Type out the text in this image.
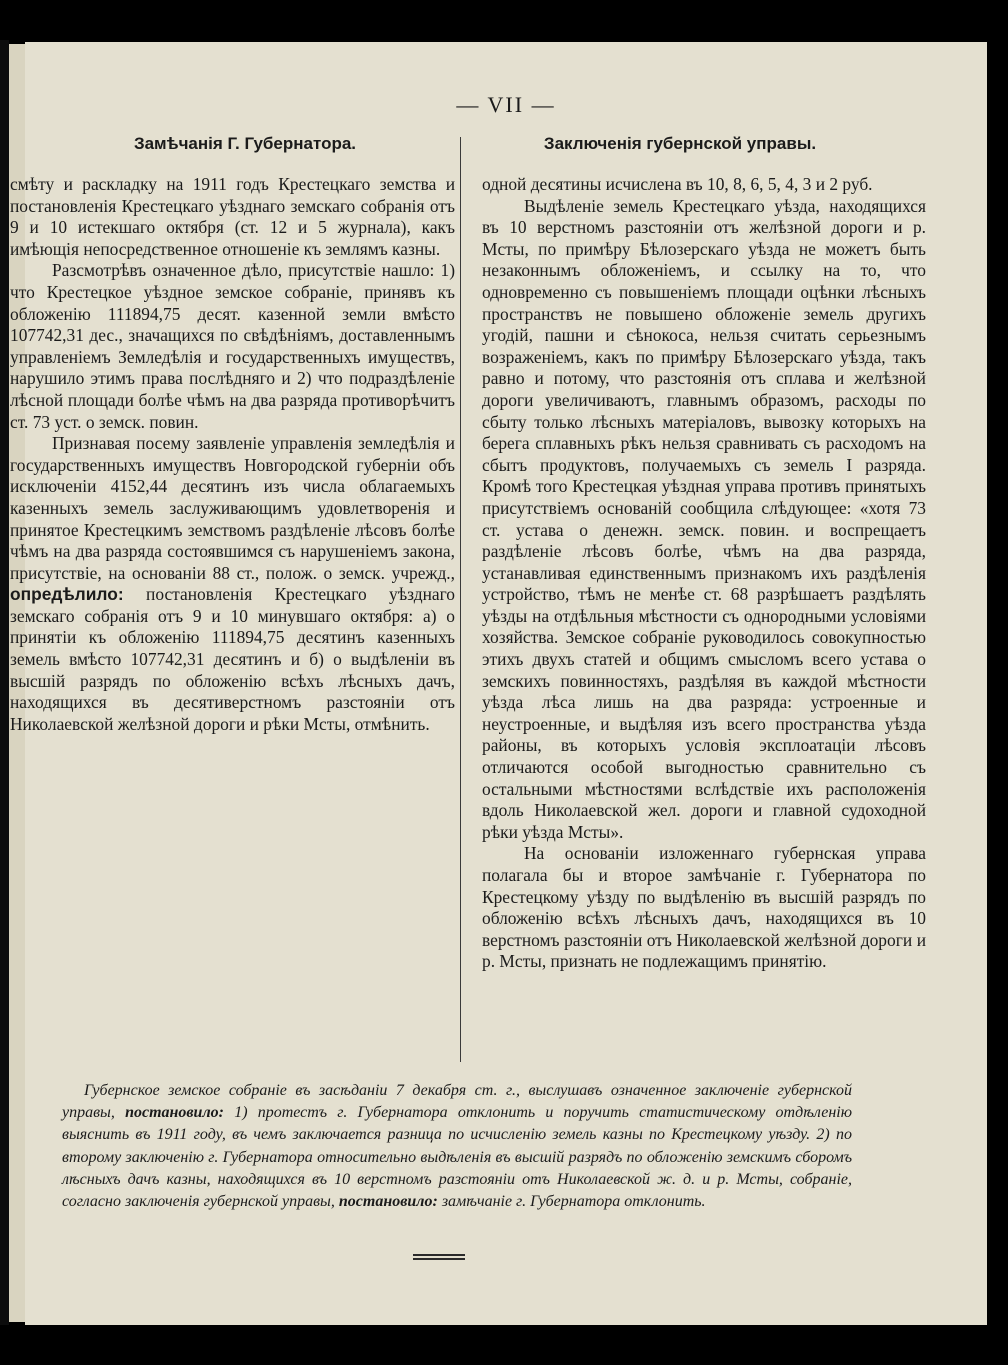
— VII —
Замѣчанія Г. Губернатора.	Заключенія губернской управы.

смѣту и раскладку на 1911 годъ Крестецкаго земства и постановленія Крестецкаго уѣзднаго земскаго собранія отъ 9 и 10 истекшаго октября (ст. 12 и 5 журнала), какъ имѣющія непосредственное отношеніе къ землямъ казны.

Разсмотрѣвъ означенное дѣло, присутствіе нашло: 1) что Крестецкое уѣздное земское собраніе, принявъ къ обложенію 111894,75 десят. казенной земли вмѣсто 107742,31 дес., значащихся по свѣдѣніямъ, доставленнымъ управленіемъ Земледѣлія и государственныхъ имуществъ, нарушило этимъ права послѣдняго и 2) что подраздѣленіе лѣсной площади болѣе чѣмъ на два разряда противорѣчитъ ст. 73 уст. о земск. повин.

Признавая посему заявленіе управленія земледѣлія и государственныхъ имуществъ Новгородской губерніи объ исключеніи 4152,44 десятинъ изъ числа облагаемыхъ казенныхъ земель заслуживающимъ удовлетворенія и принятое Крестецкимъ земствомъ раздѣленіе лѣсовъ болѣе чѣмъ на два разряда состоявшимся съ нарушеніемъ закона, присутствіе, на основаніи 88 ст., полож. о земск. учрежд., опредѣлило: постановленія Крестецкаго уѣзднаго земскаго собранія отъ 9 и 10 минувшаго октября: а) о принятіи къ обложенію 111894,75 десятинъ казенныхъ земель вмѣсто 107742,31 десятинъ и б) о выдѣленіи въ высшій разрядъ по обложенію всѣхъ лѣсныхъ дачъ, находящихся въ десятиверстномъ разстояніи отъ Николаевской желѣзной дороги и рѣки Мсты, отмѣнить.

одной десятины исчислена въ 10, 8, 6, 5, 4, 3 и 2 руб.

Выдѣленіе земель Крестецкаго уѣзда, находящихся въ 10 верстномъ разстояніи отъ желѣзной дороги и р. Мсты, по примѣру Бѣлозерскаго уѣзда не можетъ быть незаконнымъ обложеніемъ, и ссылку на то, что одновременно съ повышеніемъ площади оцѣнки лѣсныхъ пространствъ не повышено обложеніе земель другихъ угодій, пашни и сѣнокоса, нельзя считать серьезнымъ возраженіемъ, какъ по примѣру Бѣлозерскаго уѣзда, такъ равно и потому, что разстоянія отъ сплава и желѣзной дороги увеличиваютъ, главнымъ образомъ, расходы по сбыту только лѣсныхъ матеріаловъ, вывозку которыхъ на берега сплавныхъ рѣкъ нельзя сравнивать съ расходомъ на сбытъ продуктовъ, получаемыхъ съ земель I разряда. Кромѣ того Крестецкая уѣздная управа противъ принятыхъ присутствіемъ основаній сообщила слѣдующее: «хотя 73 ст. устава о денежн. земск. повин. и воспрещаетъ раздѣленіе лѣсовъ болѣе, чѣмъ на два разряда, устанавливая единственнымъ признакомъ ихъ раздѣленія устройство, тѣмъ не менѣе ст. 68 разрѣшаетъ раздѣлять уѣзды на отдѣльныя мѣстности съ однородными условіями хозяйства. Земское собраніе руководилось совокупностью этихъ двухъ статей и общимъ смысломъ всего устава о земскихъ повинностяхъ, раздѣляя въ каждой мѣстности уѣзда лѣса лишь на два разряда: устроенные и неустроенные, и выдѣляя изъ всего пространства уѣзда районы, въ которыхъ условія эксплоатаціи лѣсовъ отличаются особой выгодностью сравнительно съ остальными мѣстностями вслѣдствіе ихъ расположенія вдоль Николаевской жел. дороги и главной судоходной рѣки уѣзда Мсты».

На основаніи изложеннаго губернская управа полагала бы и второе замѣчаніе г. Губернатора по Крестецкому уѣзду по выдѣленію въ высшій разрядъ по обложенію всѣхъ лѣсныхъ дачъ, находящихся въ 10 верстномъ разстояніи отъ Николаевской желѣзной дороги и р. Мсты, признать не подлежащимъ принятію.

Губернское земское собраніе въ засѣданіи 7 декабря ст. г., выслушавъ означенное заключеніе губернской управы, постановило: 1) протестъ г. Губернатора отклонить и поручить статистическому отдѣленію выяснить въ 1911 году, въ чемъ заключается разница по исчисленію земель казны по Крестецкому уѣзду. 2) по второму заключенію г. Губернатора относительно выдѣленія въ высшій разрядъ по обложенію земскимъ сборомъ лѣсныхъ дачъ казны, находящихся въ 10 верстномъ разстояніи отъ Николаевской ж. д. и р. Мсты, собраніе, согласно заключенія губернской управы, постановило: замѣчаніе г. Губернатора отклонить.
